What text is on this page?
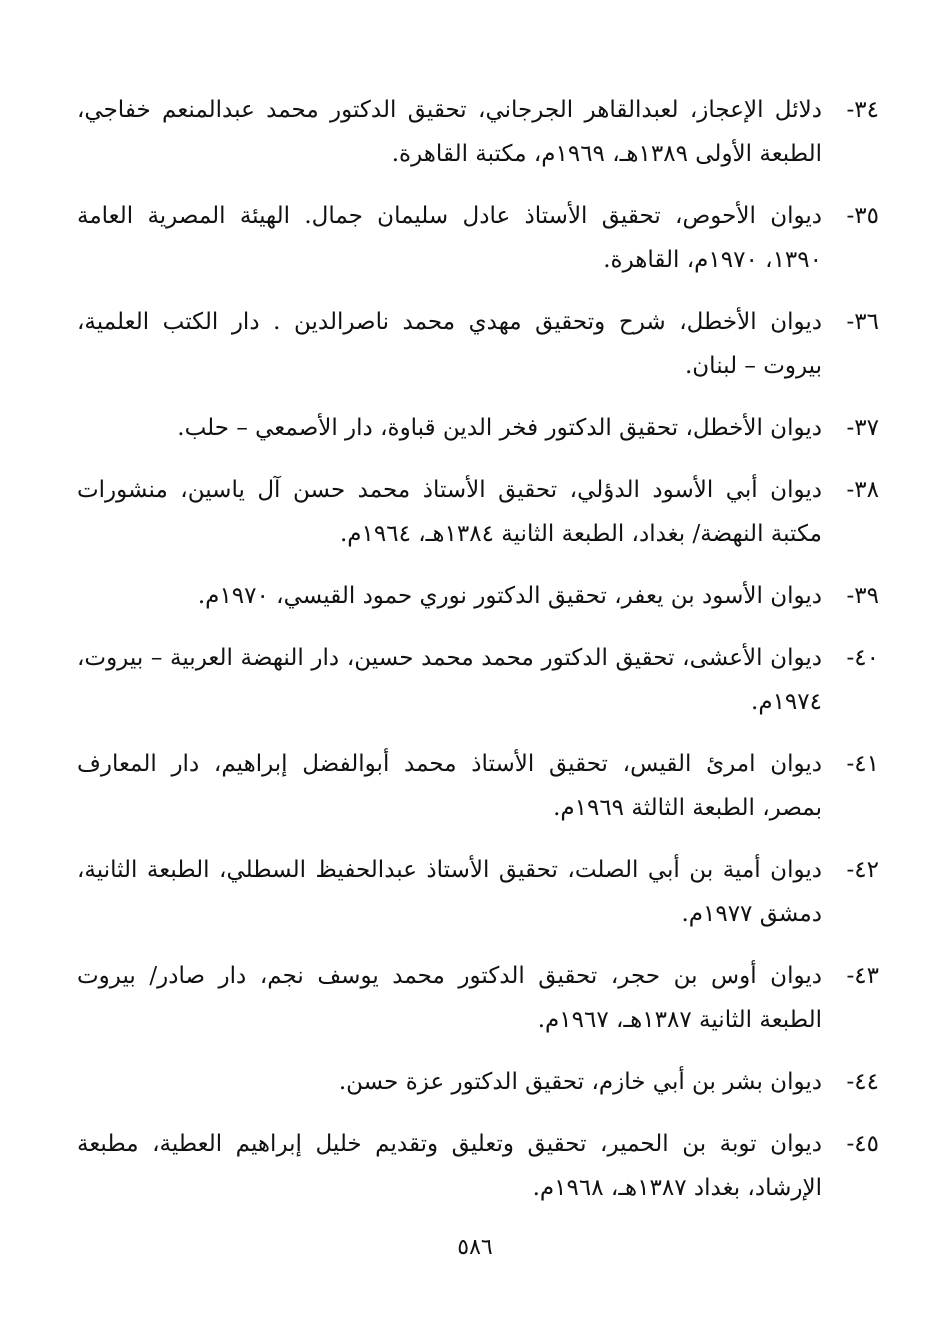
٣٤-
دلائل الإعجاز، لعبدالقاهر الجرجاني، تحقيق الدكتور محمد عبدالمنعم خفاجي، الطبعة الأولى ١٣٨٩هـ، ١٩٦٩م، مكتبة القاهرة.
٣٥-
ديوان الأحوص، تحقيق الأستاذ عادل سليمان جمال. الهيئة المصرية العامة ١٣٩٠، ١٩٧٠م، القاهرة.
٣٦-
ديوان الأخطل، شرح وتحقيق مهدي محمد ناصرالدين . دار الكتب العلمية، بيروت – لبنان.
٣٧-
ديوان الأخطل، تحقيق الدكتور فخر الدين قباوة، دار الأصمعي – حلب.
٣٨-
ديوان أبي الأسود الدؤلي، تحقيق الأستاذ محمد حسن آل ياسين، منشورات مكتبة النهضة/ بغداد، الطبعة الثانية ١٣٨٤هـ، ١٩٦٤م.
٣٩-
ديوان الأسود بن يعفر، تحقيق الدكتور نوري حمود القيسي، ١٩٧٠م.
٤٠-
ديوان الأعشى، تحقيق الدكتور محمد محمد حسين، دار النهضة العربية – بيروت، ١٩٧٤م.
٤١-
ديوان امرئ القيس، تحقيق الأستاذ محمد أبوالفضل إبراهيم، دار المعارف بمصر، الطبعة الثالثة ١٩٦٩م.
٤٢-
ديوان أمية بن أبي الصلت، تحقيق الأستاذ عبدالحفيظ السطلي، الطبعة الثانية، دمشق ١٩٧٧م.
٤٣-
ديوان أوس بن حجر، تحقيق الدكتور محمد يوسف نجم، دار صادر/ بيروت الطبعة الثانية ١٣٨٧هـ، ١٩٦٧م.
٤٤-
ديوان بشر بن أبي خازم، تحقيق الدكتور عزة حسن.
٤٥-
ديوان توبة بن الحمير، تحقيق وتعليق وتقديم خليل إبراهيم العطية، مطبعة الإرشاد، بغداد ١٣٨٧هـ، ١٩٦٨م.
٥٨٦
